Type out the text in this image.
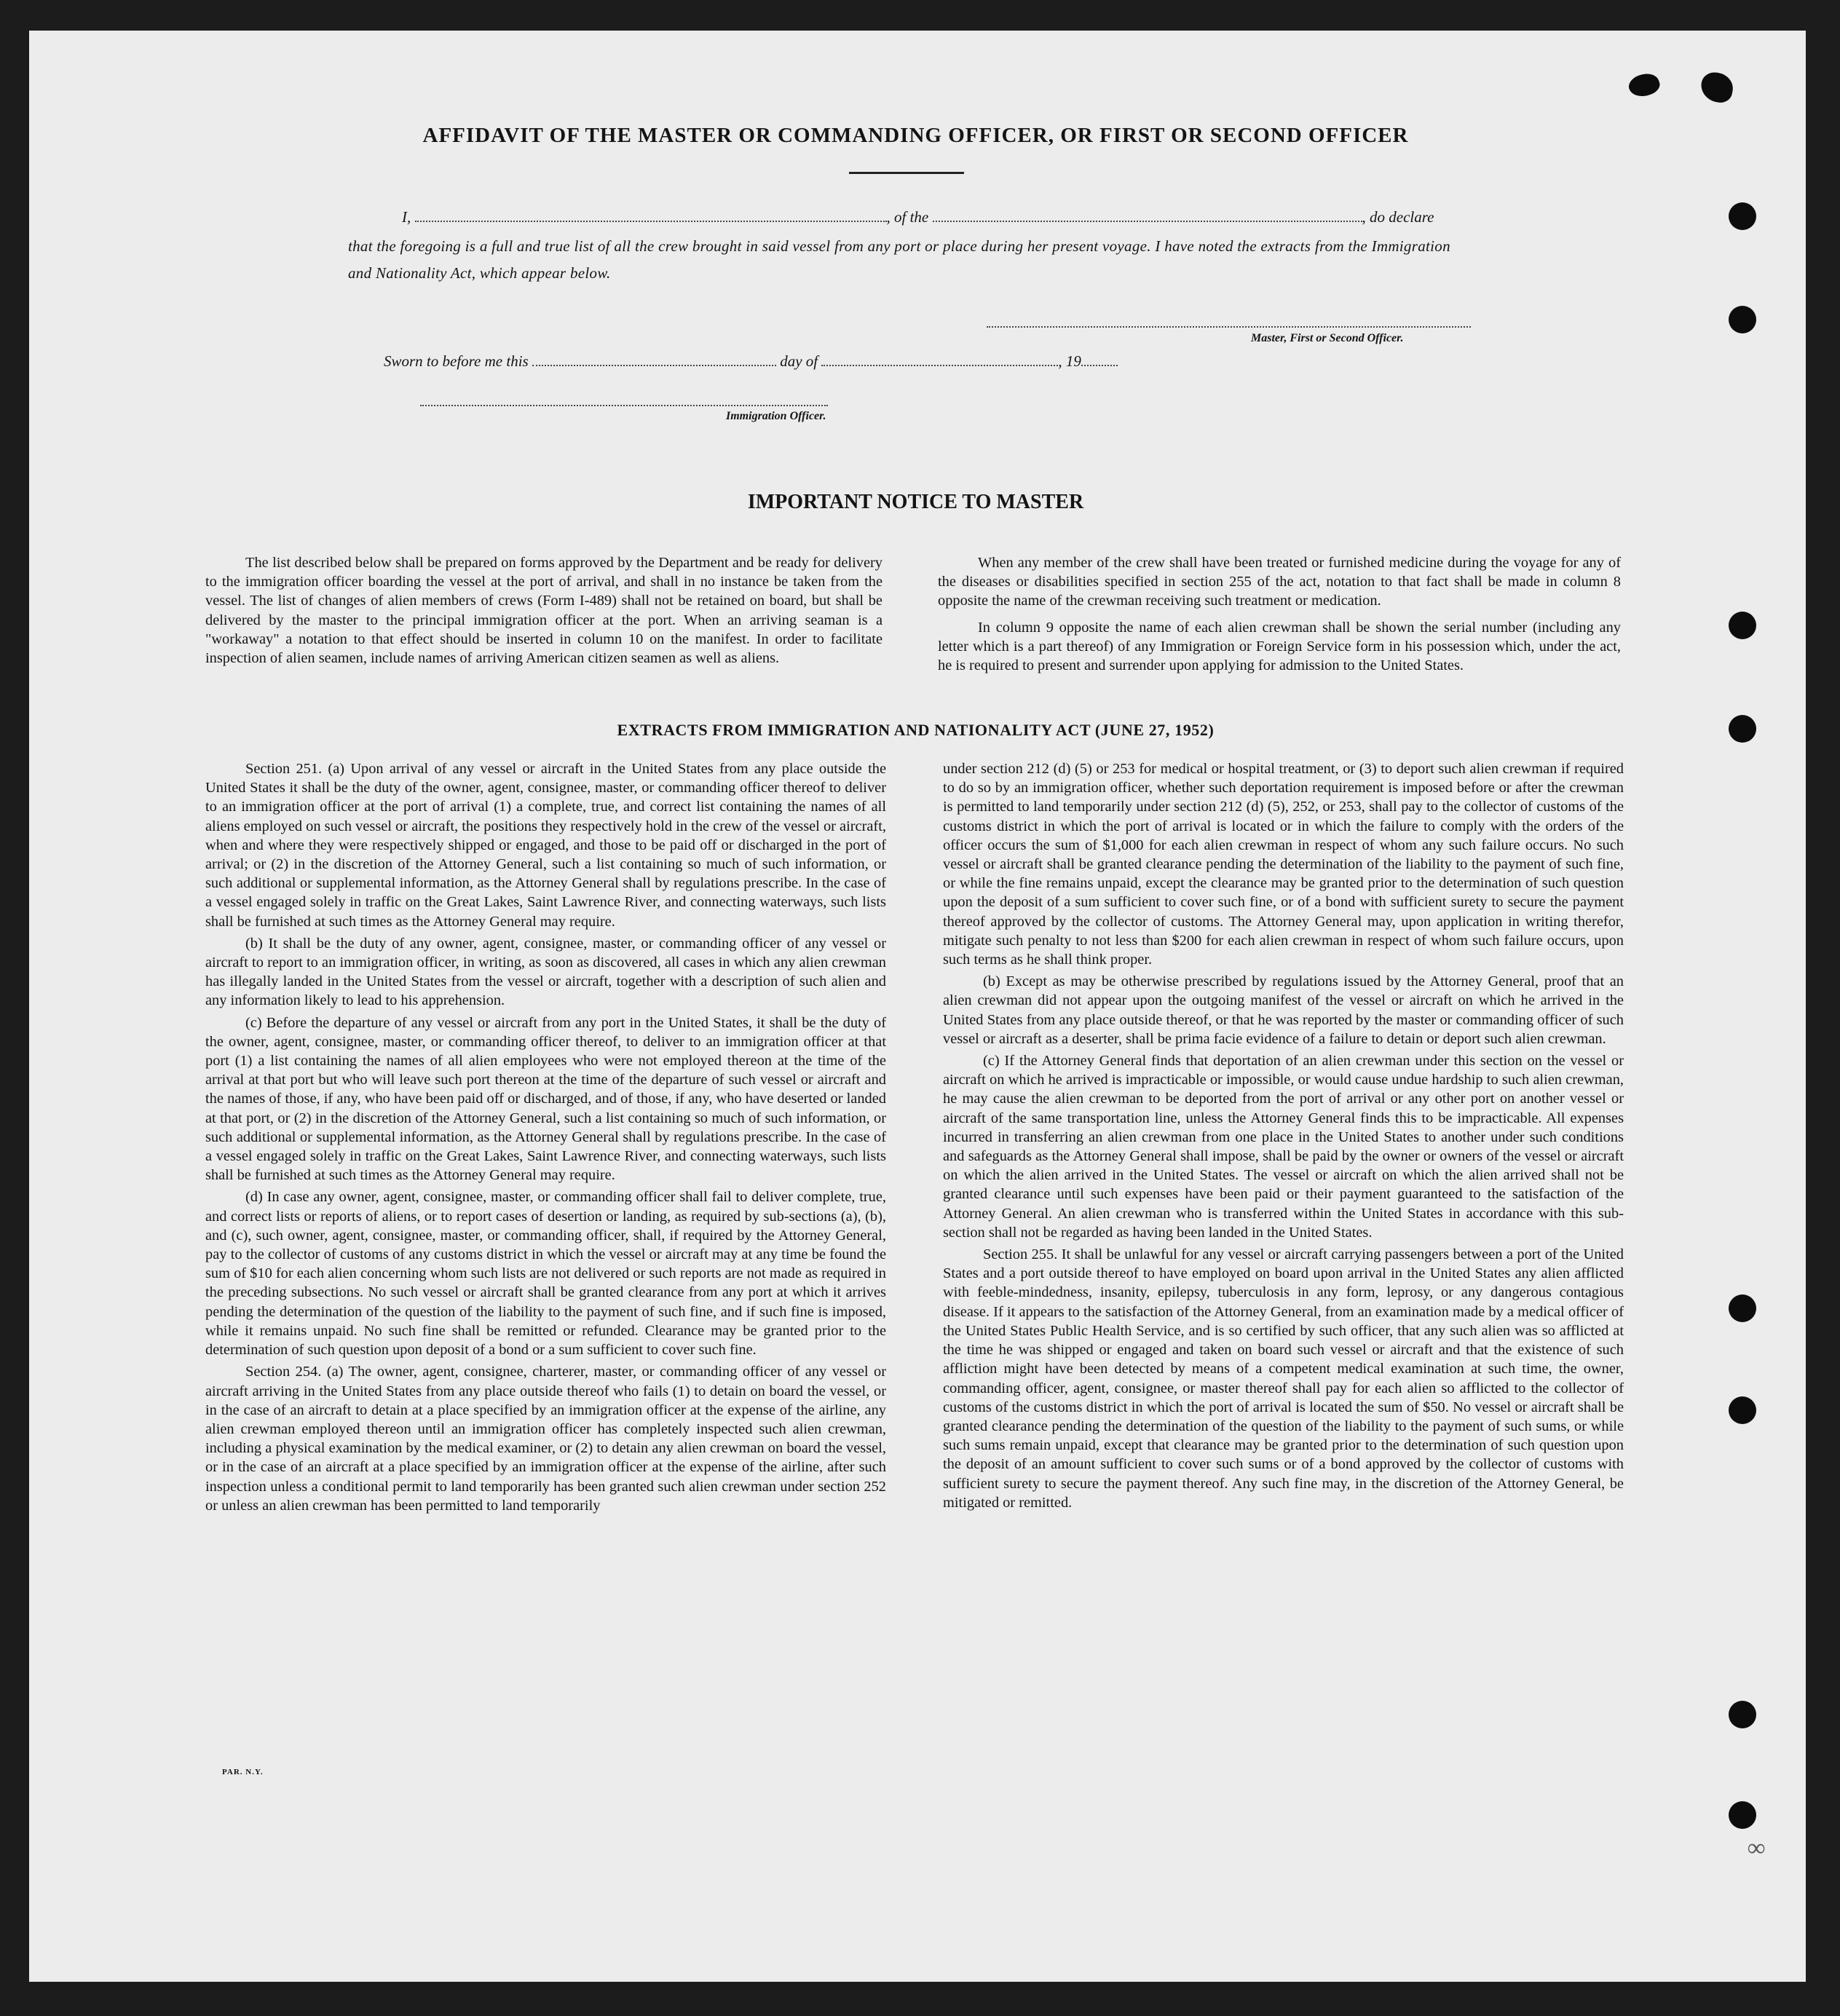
AFFIDAVIT OF THE MASTER OR COMMANDING OFFICER, OR FIRST OR SECOND OFFICER
I,	, of the	, do declare
that the foregoing is a full and true list of all the crew brought in said vessel from any port or place during her present voyage. I have noted the extracts from the Immigration and Nationality Act, which appear below.
Master, First or Second Officer.
Sworn to before me this	day of	, 19
Immigration Officer.
IMPORTANT NOTICE TO MASTER

The list described below shall be prepared on forms approved by the Department and be ready for delivery to the immigration officer boarding the vessel at the port of arrival, and shall in no instance be taken from the vessel. The list of changes of alien members of crews (Form I-489) shall not be retained on board, but shall be delivered by the master to the principal immigration officer at the port. When an arriving seaman is a "workaway" a notation to that effect should be inserted in column 10 on the manifest. In order to facilitate inspection of alien seamen, include names of arriving American citizen seamen as well as aliens.

When any member of the crew shall have been treated or furnished medicine during the voyage for any of the diseases or disabilities specified in section 255 of the act, notation to that fact shall be made in column 8 opposite the name of the crewman receiving such treatment or medication.

In column 9 opposite the name of each alien crewman shall be shown the serial number (including any letter which is a part thereof) of any Immigration or Foreign Service form in his possession which, under the act, he is required to present and surrender upon applying for admission to the United States.

EXTRACTS FROM IMMIGRATION AND NATIONALITY ACT (JUNE 27, 1952)

Section 251. (a) Upon arrival of any vessel or aircraft in the United States from any place outside the United States it shall be the duty of the owner, agent, consignee, master, or commanding officer thereof to deliver to an immigration officer at the port of arrival (1) a complete, true, and correct list containing the names of all aliens employed on such vessel or aircraft, the positions they respectively hold in the crew of the vessel or aircraft, when and where they were respectively shipped or engaged, and those to be paid off or discharged in the port of arrival; or (2) in the discretion of the Attorney General, such a list containing so much of such information, or such additional or supplemental information, as the Attorney General shall by regulations prescribe. In the case of a vessel engaged solely in traffic on the Great Lakes, Saint Lawrence River, and connecting waterways, such lists shall be furnished at such times as the Attorney General may require.

(b) It shall be the duty of any owner, agent, consignee, master, or commanding officer of any vessel or aircraft to report to an immigration officer, in writing, as soon as discovered, all cases in which any alien crewman has illegally landed in the United States from the vessel or aircraft, together with a description of such alien and any information likely to lead to his apprehension.

(c) Before the departure of any vessel or aircraft from any port in the United States, it shall be the duty of the owner, agent, consignee, master, or commanding officer thereof, to deliver to an immigration officer at that port (1) a list containing the names of all alien employees who were not employed thereon at the time of the arrival at that port but who will leave such port thereon at the time of the departure of such vessel or aircraft and the names of those, if any, who have been paid off or discharged, and of those, if any, who have deserted or landed at that port, or (2) in the discretion of the Attorney General, such a list containing so much of such information, or such additional or supplemental information, as the Attorney General shall by regulations prescribe. In the case of a vessel engaged solely in traffic on the Great Lakes, Saint Lawrence River, and connecting waterways, such lists shall be furnished at such times as the Attorney General may require.

(d) In case any owner, agent, consignee, master, or commanding officer shall fail to deliver complete, true, and correct lists or reports of aliens, or to report cases of desertion or landing, as required by sub-sections (a), (b), and (c), such owner, agent, consignee, master, or commanding officer, shall, if required by the Attorney General, pay to the collector of customs of any customs district in which the vessel or aircraft may at any time be found the sum of $10 for each alien concerning whom such lists are not delivered or such reports are not made as required in the preceding subsections. No such vessel or aircraft shall be granted clearance from any port at which it arrives pending the determination of the question of the liability to the payment of such fine, and if such fine is imposed, while it remains unpaid. No such fine shall be remitted or refunded. Clearance may be granted prior to the determination of such question upon deposit of a bond or a sum sufficient to cover such fine.

Section 254. (a) The owner, agent, consignee, charterer, master, or commanding officer of any vessel or aircraft arriving in the United States from any place outside thereof who fails (1) to detain on board the vessel, or in the case of an aircraft to detain at a place specified by an immigration officer at the expense of the airline, any alien crewman employed thereon until an immigration officer has completely inspected such alien crewman, including a physical examination by the medical examiner, or (2) to detain any alien crewman on board the vessel, or in the case of an aircraft at a place specified by an immigration officer at the expense of the airline, after such inspection unless a conditional permit to land temporarily has been granted such alien crewman under section 252 or unless an alien crewman has been permitted to land temporarily

under section 212 (d) (5) or 253 for medical or hospital treatment, or (3) to deport such alien crewman if required to do so by an immigration officer, whether such deportation requirement is imposed before or after the crewman is permitted to land temporarily under section 212 (d) (5), 252, or 253, shall pay to the collector of customs of the customs district in which the port of arrival is located or in which the failure to comply with the orders of the officer occurs the sum of $1,000 for each alien crewman in respect of whom any such failure occurs. No such vessel or aircraft shall be granted clearance pending the determination of the liability to the payment of such fine, or while the fine remains unpaid, except the clearance may be granted prior to the determination of such question upon the deposit of a sum sufficient to cover such fine, or of a bond with sufficient surety to secure the payment thereof approved by the collector of customs. The Attorney General may, upon application in writing therefor, mitigate such penalty to not less than $200 for each alien crewman in respect of whom such failure occurs, upon such terms as he shall think proper.

(b) Except as may be otherwise prescribed by regulations issued by the Attorney General, proof that an alien crewman did not appear upon the outgoing manifest of the vessel or aircraft on which he arrived in the United States from any place outside thereof, or that he was reported by the master or commanding officer of such vessel or aircraft as a deserter, shall be prima facie evidence of a failure to detain or deport such alien crewman.

(c) If the Attorney General finds that deportation of an alien crewman under this section on the vessel or aircraft on which he arrived is impracticable or impossible, or would cause undue hardship to such alien crewman, he may cause the alien crewman to be deported from the port of arrival or any other port on another vessel or aircraft of the same transportation line, unless the Attorney General finds this to be impracticable. All expenses incurred in transferring an alien crewman from one place in the United States to another under such conditions and safeguards as the Attorney General shall impose, shall be paid by the owner or owners of the vessel or aircraft on which the alien arrived in the United States. The vessel or aircraft on which the alien arrived shall not be granted clearance until such expenses have been paid or their payment guaranteed to the satisfaction of the Attorney General. An alien crewman who is transferred within the United States in accordance with this sub-section shall not be regarded as having been landed in the United States.

Section 255. It shall be unlawful for any vessel or aircraft carrying passengers between a port of the United States and a port outside thereof to have employed on board upon arrival in the United States any alien afflicted with feeble-mindedness, insanity, epilepsy, tuberculosis in any form, leprosy, or any dangerous contagious disease. If it appears to the satisfaction of the Attorney General, from an examination made by a medical officer of the United States Public Health Service, and is so certified by such officer, that any such alien was so afflicted at the time he was shipped or engaged and taken on board such vessel or aircraft and that the existence of such affliction might have been detected by means of a competent medical examination at such time, the owner, commanding officer, agent, consignee, or master thereof shall pay for each alien so afflicted to the collector of customs of the customs district in which the port of arrival is located the sum of $50. No vessel or aircraft shall be granted clearance pending the determination of the question of the liability to the payment of such sums, or while such sums remain unpaid, except that clearance may be granted prior to the determination of such question upon the deposit of an amount sufficient to cover such sums or of a bond approved by the collector of customs with sufficient surety to secure the payment thereof. Any such fine may, in the discretion of the Attorney General, be mitigated or remitted.

PAR. N.Y.
∞
